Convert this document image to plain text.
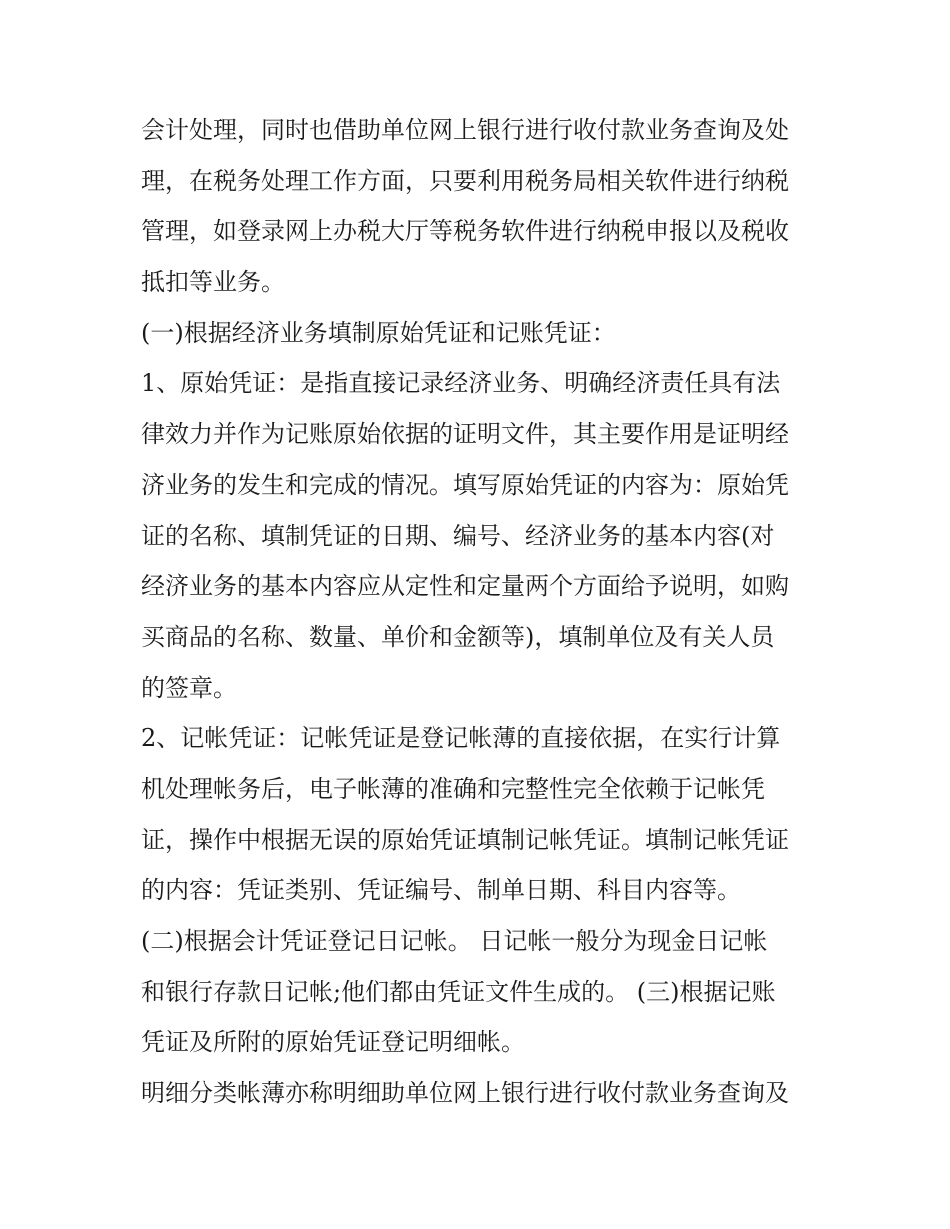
会计处理，同时也借助单位网上银行进行收付款业务查询及处
理，在税务处理工作方面，只要利用税务局相关软件进行纳税
管理，如登录网上办税大厅等税务软件进行纳税申报以及税收
抵扣等业务。
(一)根据经济业务填制原始凭证和记账凭证：
1、原始凭证：是指直接记录经济业务、明确经济责任具有法
律效力并作为记账原始依据的证明文件，其主要作用是证明经
济业务的发生和完成的情况。填写原始凭证的内容为：原始凭
证的名称、填制凭证的日期、编号、经济业务的基本内容(对
经济业务的基本内容应从定性和定量两个方面给予说明，如购
买商品的名称、数量、单价和金额等)，填制单位及有关人员
的签章。
2、记帐凭证：记帐凭证是登记帐薄的直接依据，在实行计算
机处理帐务后，电子帐薄的准确和完整性完全依赖于记帐凭
证，操作中根据无误的原始凭证填制记帐凭证。填制记帐凭证
的内容：凭证类别、凭证编号、制单日期、科目内容等。
(二)根据会计凭证登记日记帐。 日记帐一般分为现金日记帐
和银行存款日记帐;他们都由凭证文件生成的。 (三)根据记账
凭证及所附的原始凭证登记明细帐。
明细分类帐薄亦称明细助单位网上银行进行收付款业务查询及
